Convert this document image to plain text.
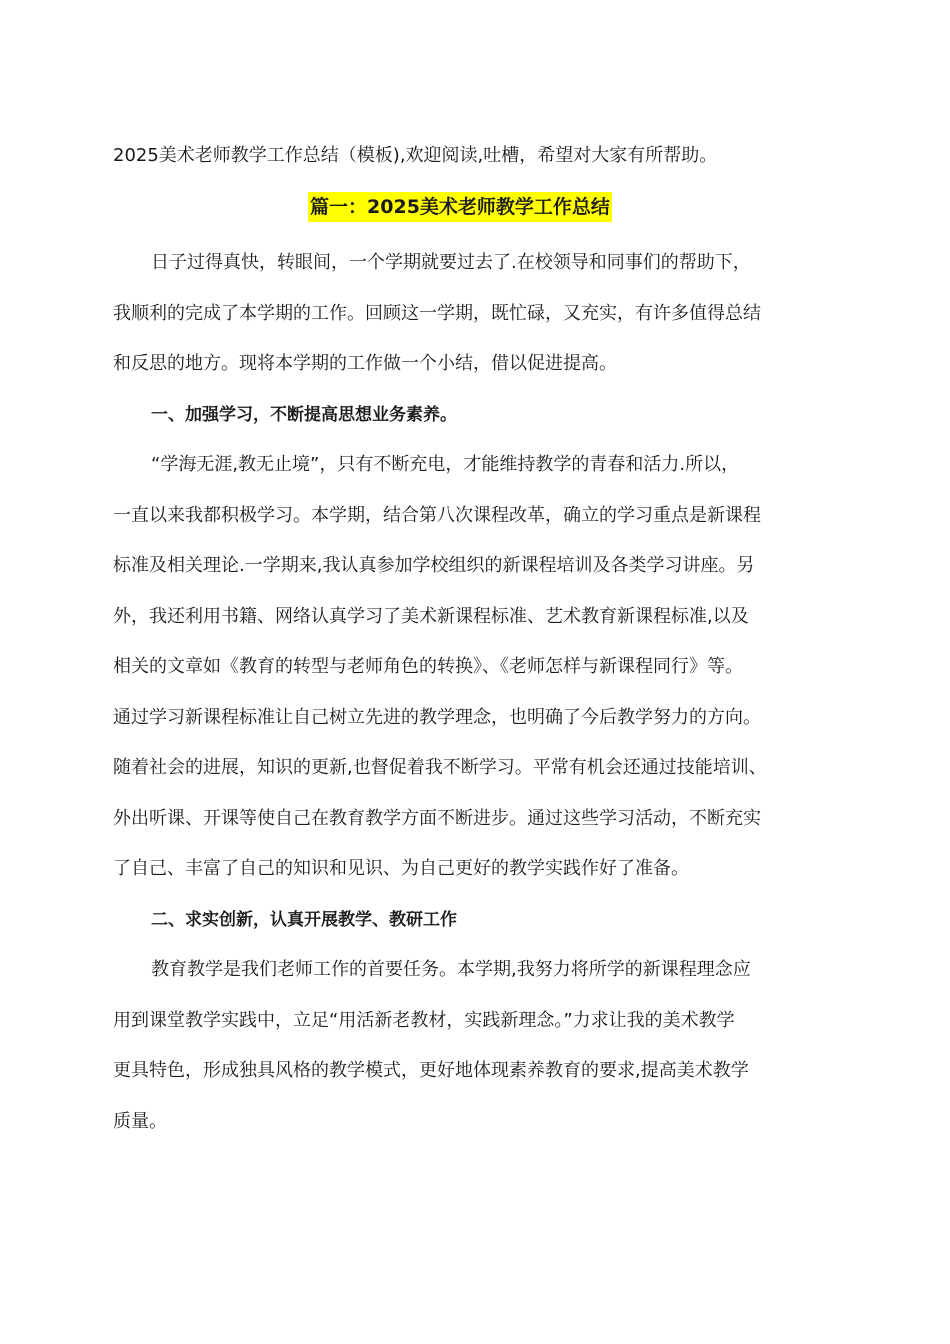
2025美术老师教学工作总结（模板),欢迎阅读,吐槽，希望对大家有所帮助。

篇一：2025美术老师教学工作总结
日子过得真快，转眼间，一个学期就要过去了.在校领导和同事们的帮助下，
我顺利的完成了本学期的工作。回顾这一学期，既忙碌，又充实，有许多值得总结
和反思的地方。现将本学期的工作做一个小结，借以促进提高。

一、加强学习，不断提高思想业务素养。

“学海无涯,教无止境”，只有不断充电，才能维持教学的青春和活力.所以，
一直以来我都积极学习。本学期，结合第八次课程改革，确立的学习重点是新课程
标准及相关理论.一学期来,我认真参加学校组织的新课程培训及各类学习讲座。另
外，我还利用书籍、网络认真学习了美术新课程标准、艺术教育新课程标准,以及
相关的文章如《教育的转型与老师角色的转换》、《老师怎样与新课程同行》等。
通过学习新课程标准让自己树立先进的教学理念，也明确了今后教学努力的方向。
随着社会的进展，知识的更新,也督促着我不断学习。平常有机会还通过技能培训、
外出听课、开课等使自己在教育教学方面不断进步。通过这些学习活动，不断充实
了自己、丰富了自己的知识和见识、为自己更好的教学实践作好了准备。

二、求实创新，认真开展教学、教研工作

教育教学是我们老师工作的首要任务。本学期,我努力将所学的新课程理念应
用到课堂教学实践中，立足“用活新老教材，实践新理念。”力求让我的美术教学
更具特色，形成独具风格的教学模式，更好地体现素养教育的要求,提高美术教学
质量。
